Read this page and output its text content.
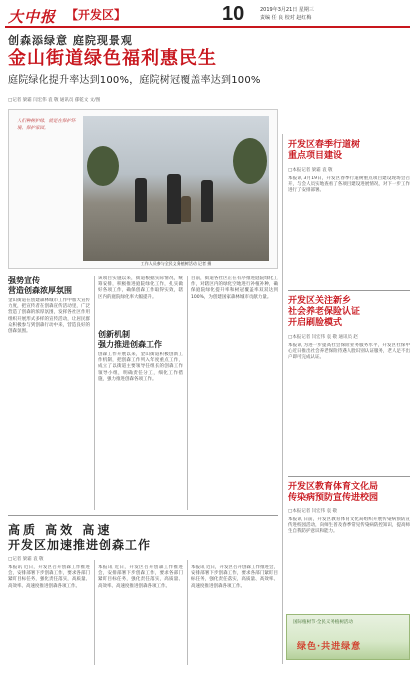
大中报 【开发区】	10	2019年3月21日 星期三
责编 任 良 校对 赵红梅
创森添绿意 庭院现景观
金山街道绿色福利惠民生
庭院绿化提升率达到100%，庭院树冠覆盖率达到100%
□记者 梁霜 闫宏伟 袁 敬 通讯员 郁乾文 文/图
人们种树护绿，就是在保护环境、保护家园。
工作人员参与全民义务植树活动 记者 摄
强势宣传
营造创森浓厚氛围
金山街道在创建森林城市工作中加大宣传力度，把宣传者在创森宣传活动里，广泛营造了创森的浓厚氛围，发挥各社区作用组织开展形式多样的宣传活动，让居民群众积极参与到创森行动中来，营造良好的创森氛围。
该项目实施以来，街道根据实际情况，统筹安排，积极推进庭院绿化工作，扎实做好各项工作，确保创森工作取得实效，辖区内的庭院绿化率大幅提升。
创新机制
强力推进创森工作
创森工作开展以来，金山街道积极创新工作机制，把创森工作列入年度重点工作，成立了以街道主要领导任组长的创森工作领导小组，明确责任分工，细化工作措施，强力推进创森各项工作。
目前，街道各社区正在有序推进庭院绿化工作，对辖区内的绿化空地进行补植补种，确保庭院绿化提升率和树冠覆盖率双双达到100%，为创建国家森林城市贡献力量。
开发区春季行道树
重点项目建设
□本报记者 梁霜 袁 敬
本报讯 3月19日，开发区春季行道树重点项目建设现场会召开，与会人员实地查看了各项目建设进展情况，对下一步工作进行了安排部署。
开发区关注新乡
社会养老保险认证
开启刷脸模式
□本报记者 闫宏伟 袁 敬 通讯员 赵
本报讯 为进一步提高社会保险业务服务水平，开发区社保中心近日推出社会养老保险待遇人脸识别认证服务，老人足不出户即可完成认证。
开发区教育体育文化局
传染病预防宣传进校园
□本报记者 闫宏伟 袁 敬
本报讯 日前，开发区教育体育文化局组织开展传染病预防宣传进校园活动，向师生普及春季常见传染病防控知识，提高师生自我防护意识和能力。
高质 高效 高速
开发区加速推进创森工作
□记者 梁霜 袁 敬
本报讯 近日，开发区召开创森工作推进会，安排部署下步创森工作，要求各部门紧盯目标任务，强化责任落实，高质量、高效率、高速度推进创森各项工作。
本报讯 近日，开发区召开创森工作推进会，安排部署下步创森工作，要求各部门紧盯目标任务，强化责任落实，高质量、高效率、高速度推进创森各项工作。
本报讯 近日，开发区召开创森工作推进会，安排部署下步创森工作，要求各部门紧盯目标任务，强化责任落实，高质量、高效率、高速度推进创森各项工作。
国际植树节·全民义务植树活动
绿色·共进绿意
